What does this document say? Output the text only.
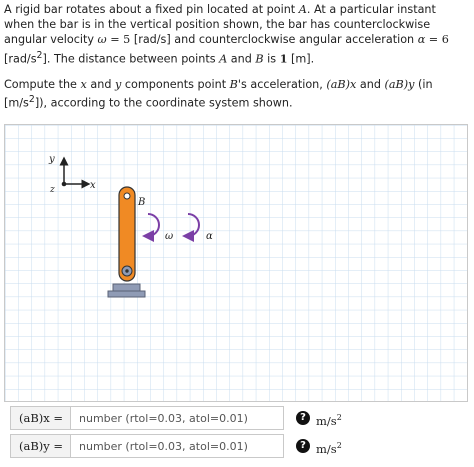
A rigid bar rotates about a fixed pin located at point A. At a particular instant when the bar is in the vertical position shown, the bar has counterclockwise angular velocity ω = 5 [rad/s] and counterclockwise angular acceleration α = 6 $[rad/s^2]$. The distance between points A and B is 1 [m].

Compute the x and y components point B's acceleration, (aB)x and (aB)y (in $[m/s^2]$), according to the coordinate system shown.

y
x
z
B
ω	α
(aB)x =
number (rtol=0.03, atol=0.01)	? $m/s^2$
(aB)y =
number (rtol=0.03, atol=0.01)	? $m/s^2$
